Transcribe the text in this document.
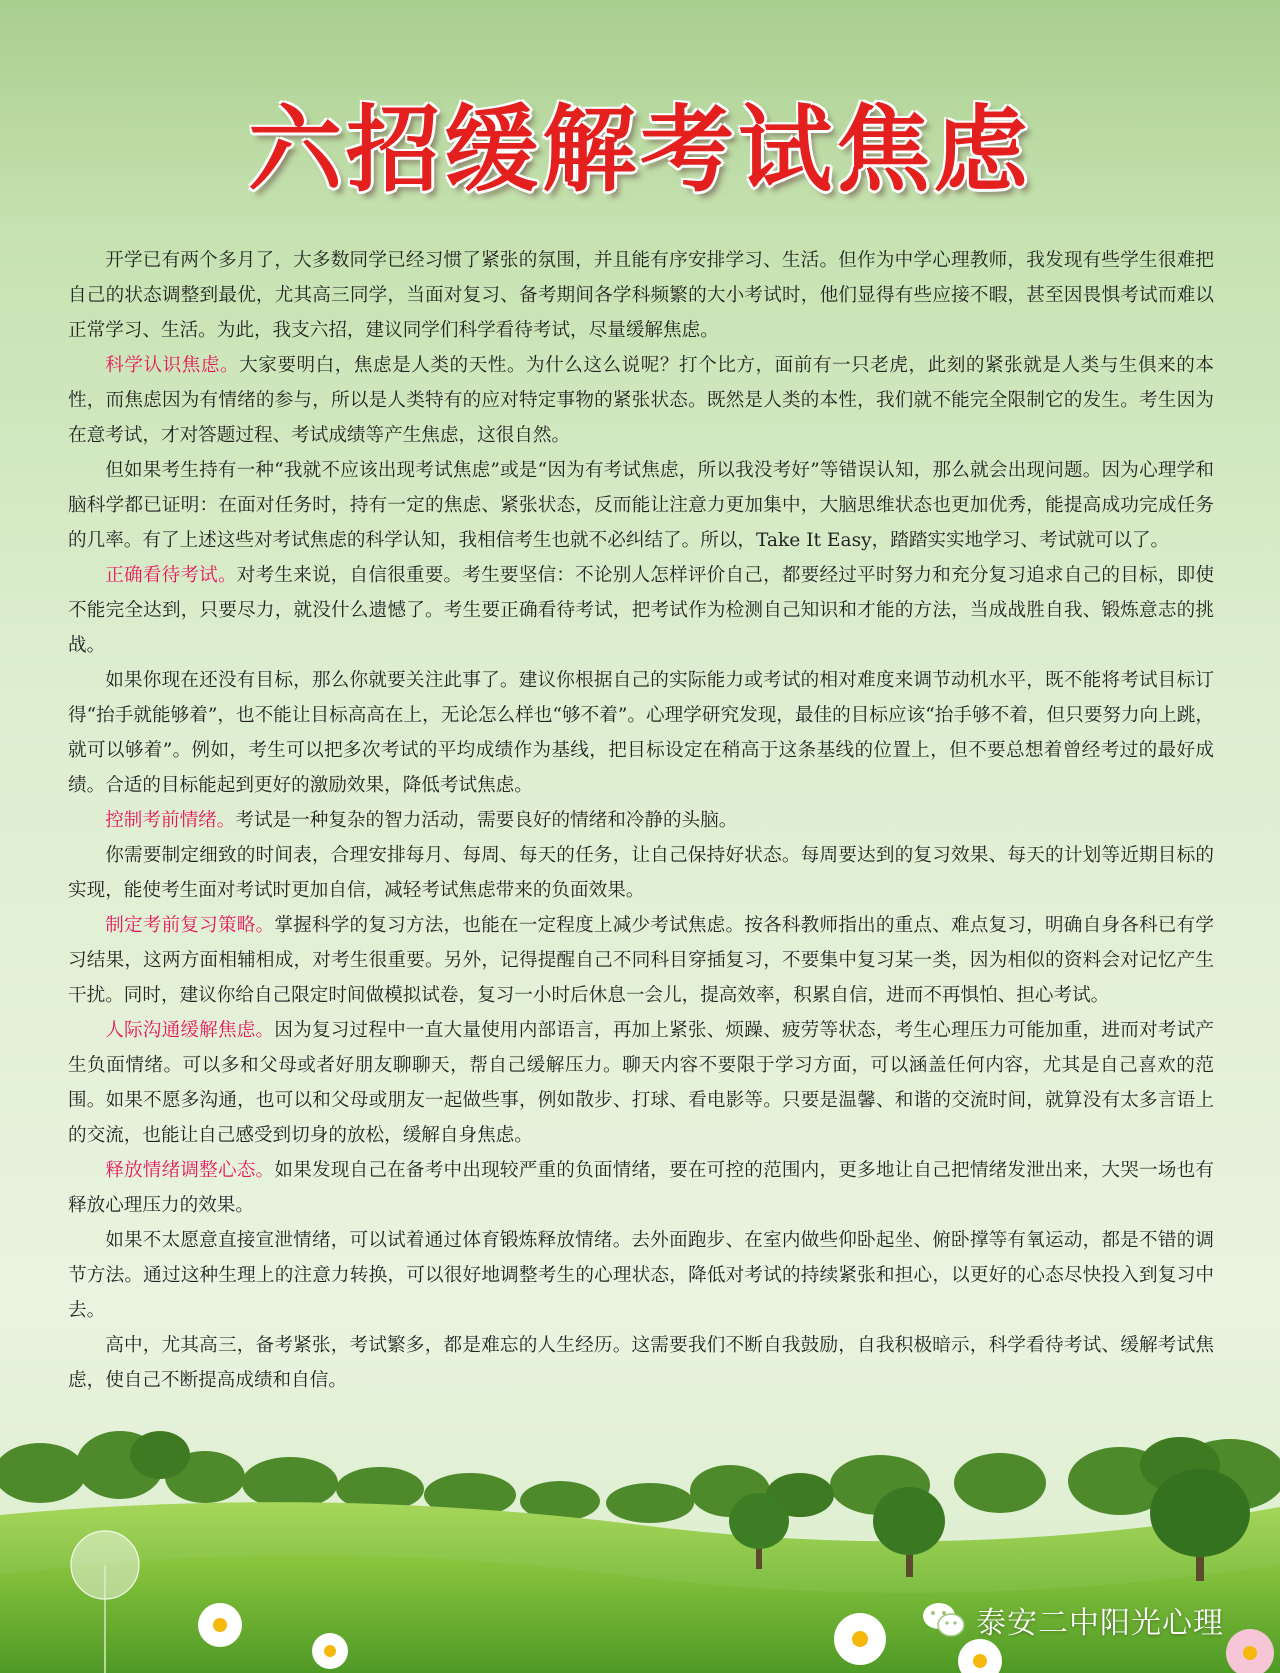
六招缓解考试焦虑

开学已有两个多月了，大多数同学已经习惯了紧张的氛围，并且能有序安排学习、生活。但作为中学心理教师，我发现有些学生很难把自己的状态调整到最优，尤其高三同学，当面对复习、备考期间各学科频繁的大小考试时，他们显得有些应接不暇，甚至因畏惧考试而难以正常学习、生活。为此，我支六招，建议同学们科学看待考试，尽量缓解焦虑。

科学认识焦虑。大家要明白，焦虑是人类的天性。为什么这么说呢？打个比方，面前有一只老虎，此刻的紧张就是人类与生俱来的本性，而焦虑因为有情绪的参与，所以是人类特有的应对特定事物的紧张状态。既然是人类的本性，我们就不能完全限制它的发生。考生因为在意考试，才对答题过程、考试成绩等产生焦虑，这很自然。

但如果考生持有一种“我就不应该出现考试焦虑”或是“因为有考试焦虑，所以我没考好”等错误认知，那么就会出现问题。因为心理学和脑科学都已证明：在面对任务时，持有一定的焦虑、紧张状态，反而能让注意力更加集中，大脑思维状态也更加优秀，能提高成功完成任务的几率。有了上述这些对考试焦虑的科学认知，我相信考生也就不必纠结了。所以，Take It Easy，踏踏实实地学习、考试就可以了。

正确看待考试。对考生来说，自信很重要。考生要坚信：不论别人怎样评价自己，都要经过平时努力和充分复习追求自己的目标，即使不能完全达到，只要尽力，就没什么遗憾了。考生要正确看待考试，把考试作为检测自己知识和才能的方法，当成战胜自我、锻炼意志的挑战。

如果你现在还没有目标，那么你就要关注此事了。建议你根据自己的实际能力或考试的相对难度来调节动机水平，既不能将考试目标订得“抬手就能够着”，也不能让目标高高在上，无论怎么样也“够不着”。心理学研究发现，最佳的目标应该“抬手够不着，但只要努力向上跳，就可以够着”。例如，考生可以把多次考试的平均成绩作为基线，把目标设定在稍高于这条基线的位置上，但不要总想着曾经考过的最好成绩。合适的目标能起到更好的激励效果，降低考试焦虑。

控制考前情绪。考试是一种复杂的智力活动，需要良好的情绪和冷静的头脑。

你需要制定细致的时间表，合理安排每月、每周、每天的任务，让自己保持好状态。每周要达到的复习效果、每天的计划等近期目标的实现，能使考生面对考试时更加自信，减轻考试焦虑带来的负面效果。

制定考前复习策略。掌握科学的复习方法，也能在一定程度上减少考试焦虑。按各科教师指出的重点、难点复习，明确自身各科已有学习结果，这两方面相辅相成，对考生很重要。另外，记得提醒自己不同科目穿插复习，不要集中复习某一类，因为相似的资料会对记忆产生干扰。同时，建议你给自己限定时间做模拟试卷，复习一小时后休息一会儿，提高效率，积累自信，进而不再惧怕、担心考试。

人际沟通缓解焦虑。因为复习过程中一直大量使用内部语言，再加上紧张、烦躁、疲劳等状态，考生心理压力可能加重，进而对考试产生负面情绪。可以多和父母或者好朋友聊聊天，帮自己缓解压力。聊天内容不要限于学习方面，可以涵盖任何内容，尤其是自己喜欢的范围。如果不愿多沟通，也可以和父母或朋友一起做些事，例如散步、打球、看电影等。只要是温馨、和谐的交流时间，就算没有太多言语上的交流，也能让自己感受到切身的放松，缓解自身焦虑。

释放情绪调整心态。如果发现自己在备考中出现较严重的负面情绪，要在可控的范围内，更多地让自己把情绪发泄出来，大哭一场也有释放心理压力的效果。

如果不太愿意直接宣泄情绪，可以试着通过体育锻炼释放情绪。去外面跑步、在室内做些仰卧起坐、俯卧撑等有氧运动，都是不错的调节方法。通过这种生理上的注意力转换，可以很好地调整考生的心理状态，降低对考试的持续紧张和担心，以更好的心态尽快投入到复习中去。

高中，尤其高三，备考紧张，考试繁多，都是难忘的人生经历。这需要我们不断自我鼓励，自我积极暗示，科学看待考试、缓解考试焦虑，使自己不断提高成绩和自信。

泰安二中阳光心理
